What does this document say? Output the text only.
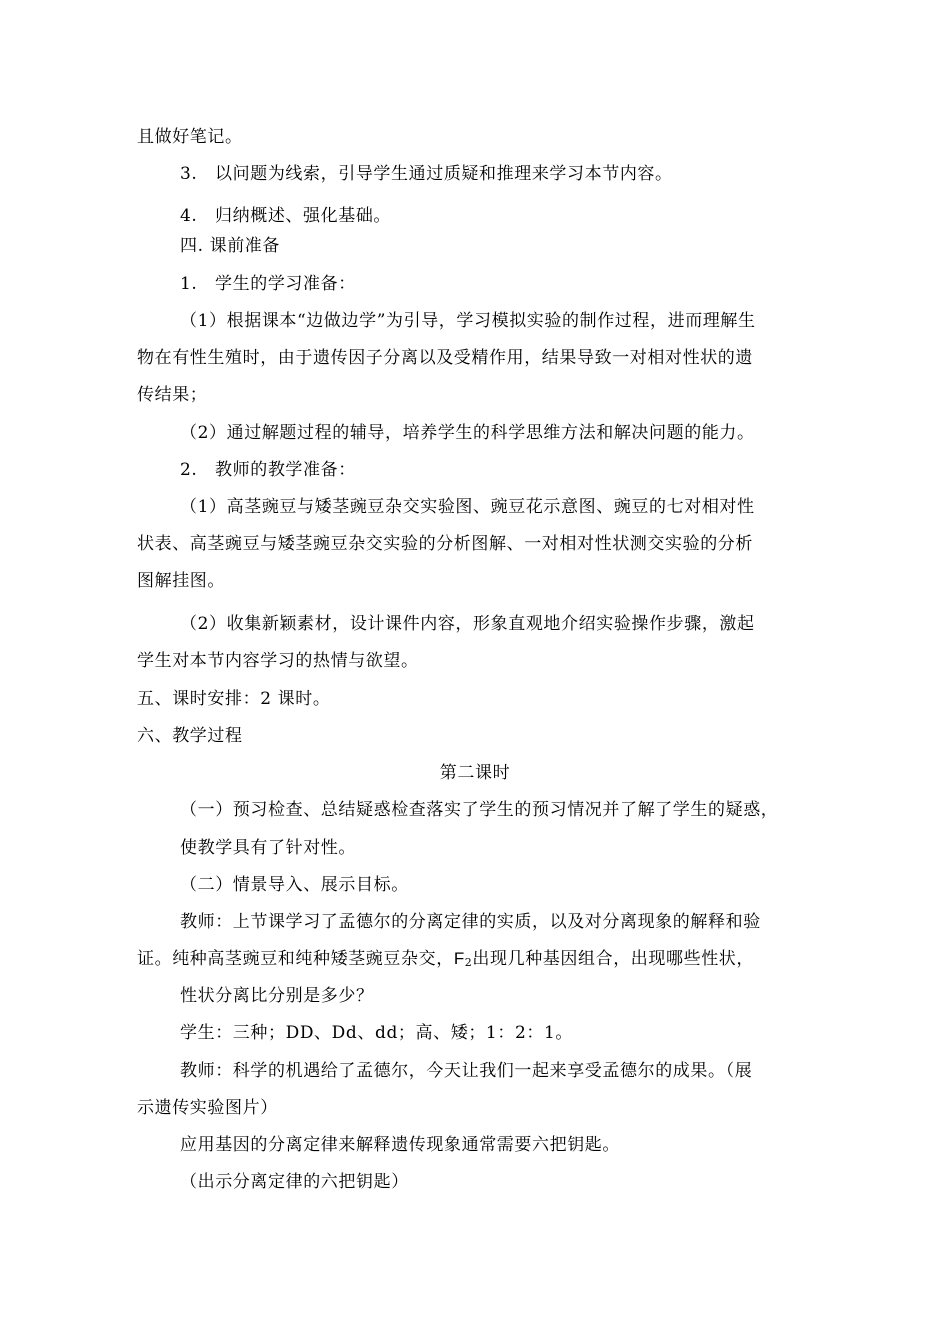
且做好笔记。
3.　以问题为线索，引导学生通过质疑和推理来学习本节内容。
4.　归纳概述、强化基础。
四. 课前准备
1.　学生的学习准备：
（1）根据课本“边做边学”为引导，学习模拟实验的制作过程，进而理解生
物在有性生殖时，由于遗传因子分离以及受精作用，结果导致一对相对性状的遗
传结果；
（2）通过解题过程的辅导，培养学生的科学思维方法和解决问题的能力。
2.　教师的教学准备：
（1）高茎豌豆与矮茎豌豆杂交实验图、豌豆花示意图、豌豆的七对相对性
状表、高茎豌豆与矮茎豌豆杂交实验的分析图解、一对相对性状测交实验的分析
图解挂图。
（2）收集新颖素材，设计课件内容，形象直观地介绍实验操作步骤，激起
学生对本节内容学习的热情与欲望。
五、课时安排：2 课时。
六、教学过程
第二课时
（一）预习检查、总结疑惑检查落实了学生的预习情况并了解了学生的疑惑，
使教学具有了针对性。
（二）情景导入、展示目标。
教师：上节课学习了孟德尔的分离定律的实质，以及对分离现象的解释和验
证。纯种高茎豌豆和纯种矮茎豌豆杂交，$F_2$出现几种基因组合，出现哪些性状，
性状分离比分别是多少？
学生：三种；DD、Dd、dd；高、矮；1：2：1。
教师：科学的机遇给了孟德尔，今天让我们一起来享受孟德尔的成果。（展
示遗传实验图片）
应用基因的分离定律来解释遗传现象通常需要六把钥匙。
（出示分离定律的六把钥匙）
